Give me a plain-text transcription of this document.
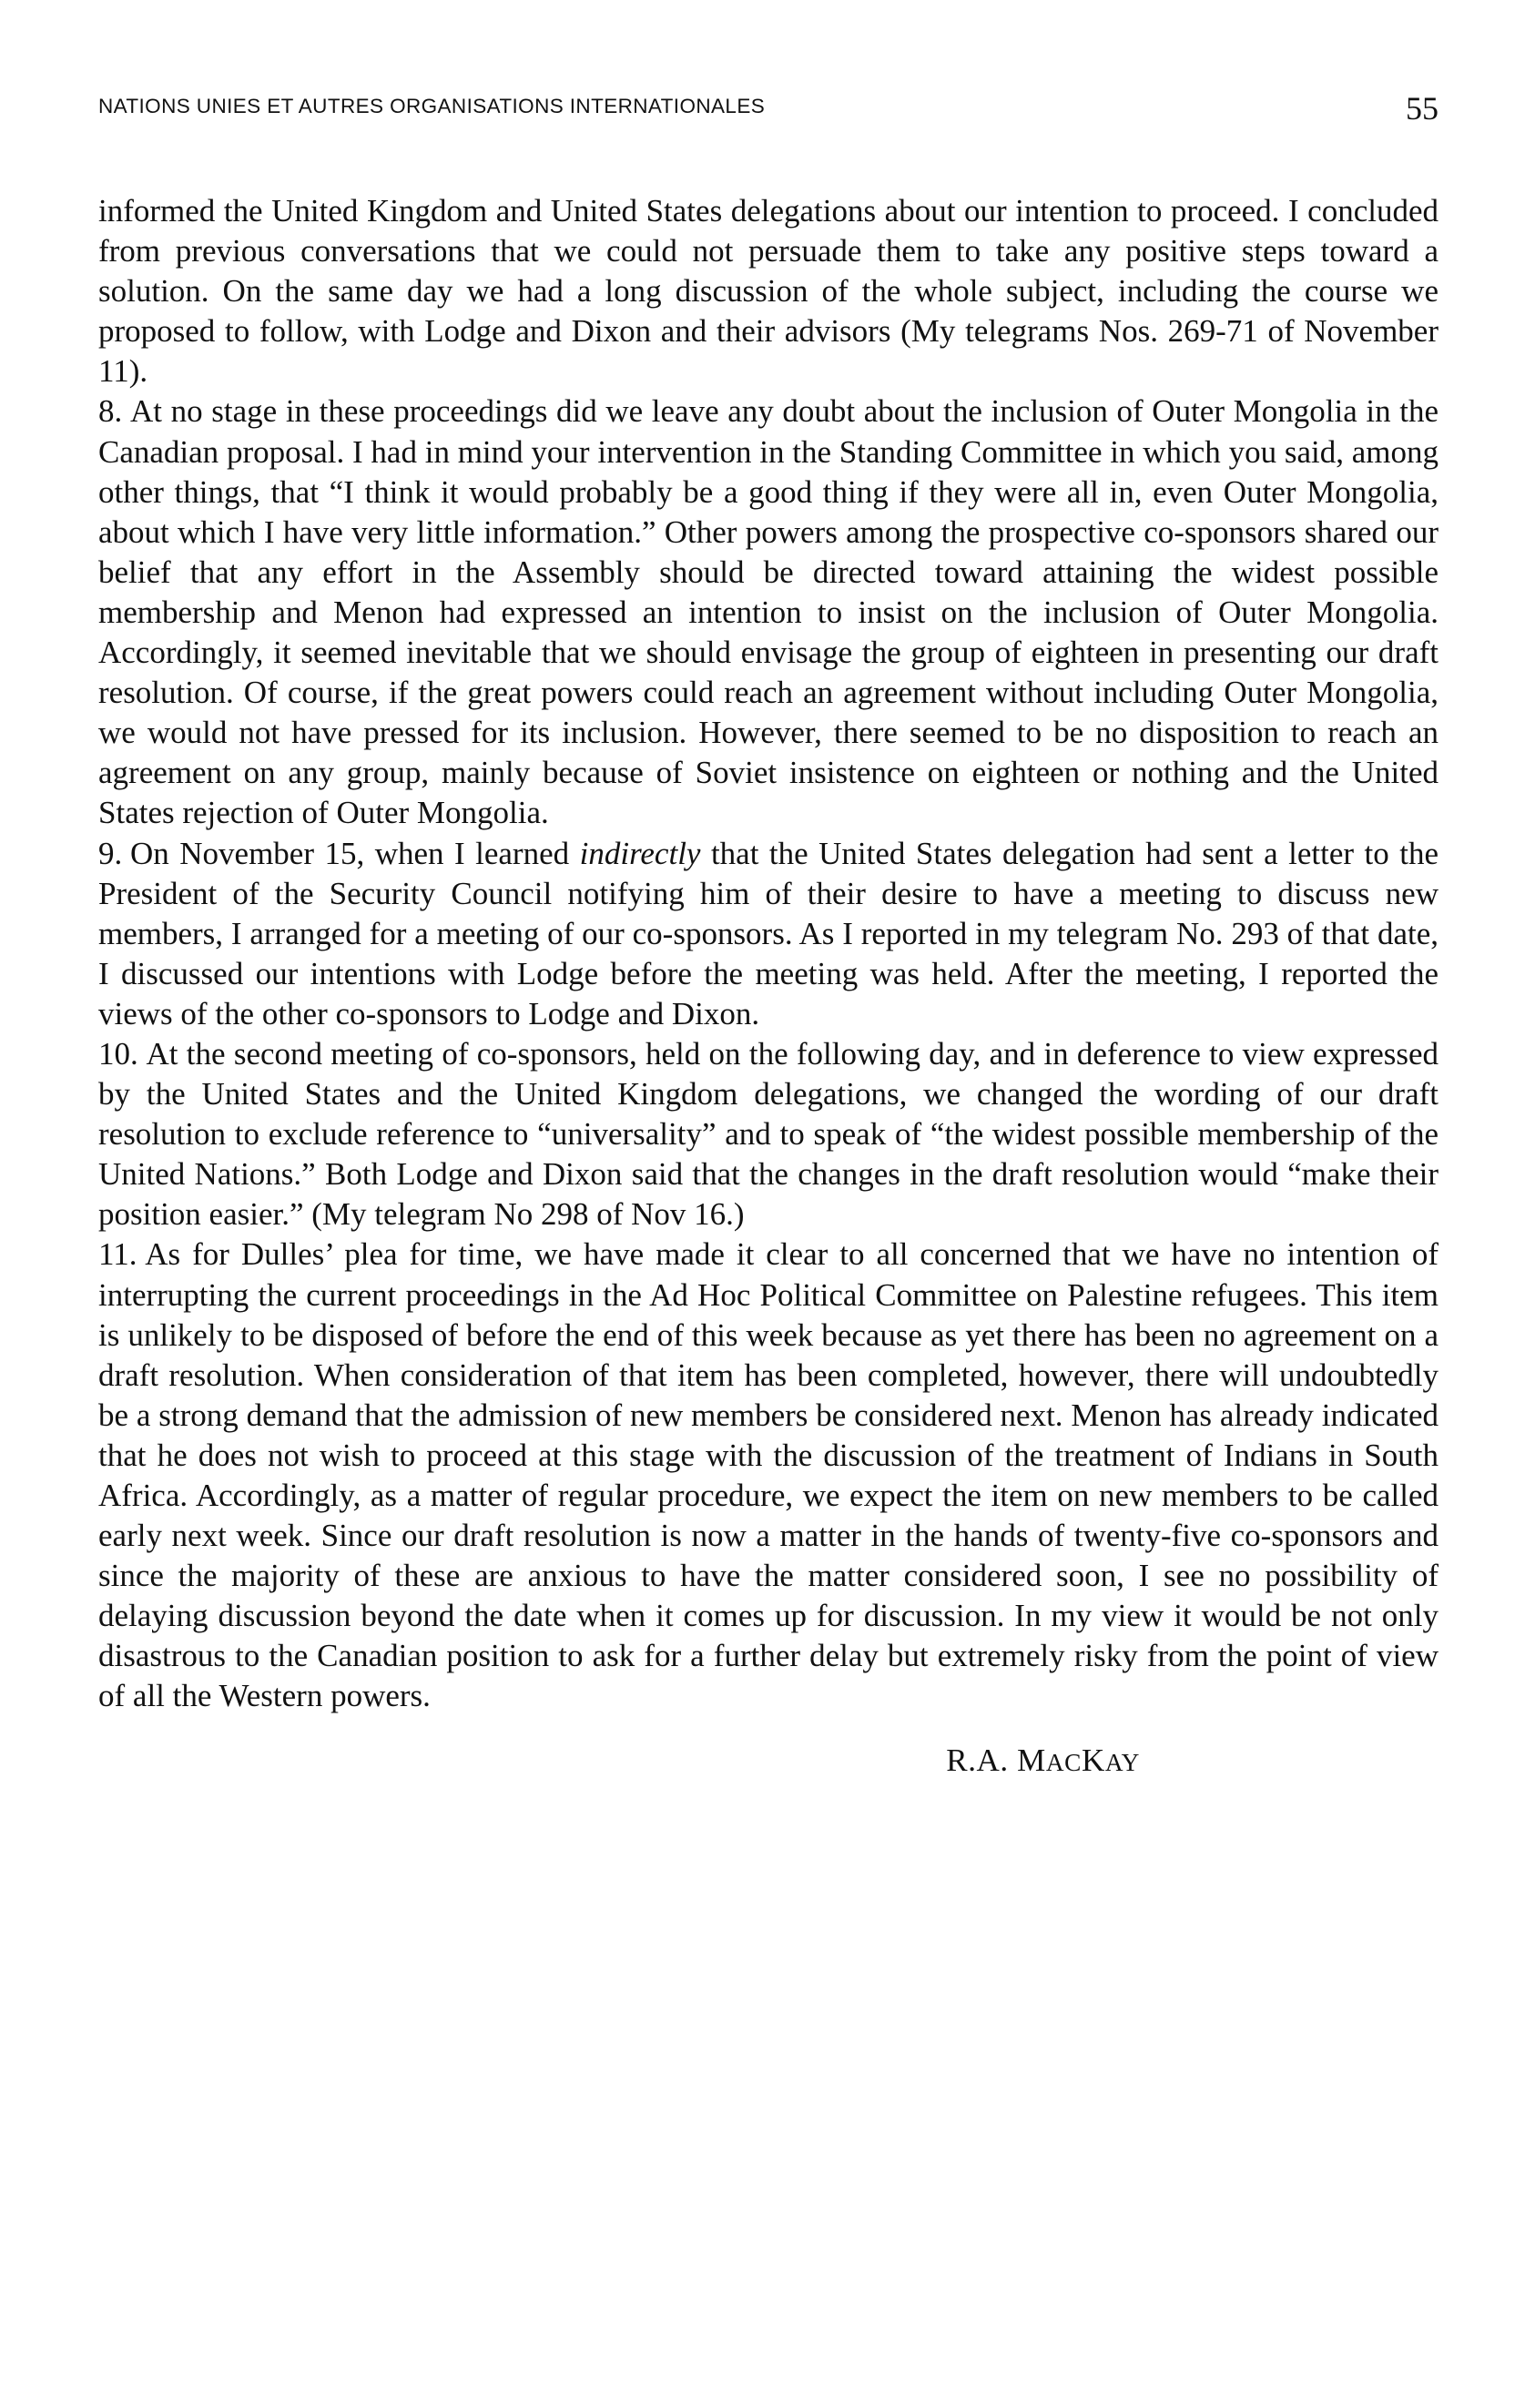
NATIONS UNIES ET AUTRES ORGANISATIONS INTERNATIONALES	55

informed the United Kingdom and United States delegations about our intention to proceed. I concluded from previous conversations that we could not persuade them to take any positive steps toward a solution. On the same day we had a long discussion of the whole subject, including the course we proposed to follow, with Lodge and Dixon and their advisors (My telegrams Nos. 269-71 of November 11).

8. At no stage in these proceedings did we leave any doubt about the inclusion of Outer Mongolia in the Canadian proposal. I had in mind your intervention in the Standing Committee in which you said, among other things, that “I think it would probably be a good thing if they were all in, even Outer Mongolia, about which I have very little information.” Other powers among the prospective co-sponsors shared our belief that any effort in the Assembly should be directed toward attaining the widest possible membership and Menon had expressed an intention to insist on the inclusion of Outer Mongolia. Accordingly, it seemed inevitable that we should envisage the group of eighteen in presenting our draft resolution. Of course, if the great powers could reach an agreement without including Outer Mongolia, we would not have pressed for its inclusion. However, there seemed to be no disposition to reach an agreement on any group, mainly because of Soviet insistence on eighteen or nothing and the United States rejection of Outer Mongolia.

9. On November 15, when I learned indirectly that the United States delegation had sent a letter to the President of the Security Council notifying him of their desire to have a meeting to discuss new members, I arranged for a meeting of our co-sponsors. As I reported in my telegram No. 293 of that date, I discussed our intentions with Lodge before the meeting was held. After the meeting, I reported the views of the other co-sponsors to Lodge and Dixon.

10. At the second meeting of co-sponsors, held on the following day, and in deference to view expressed by the United States and the United Kingdom delegations, we changed the wording of our draft resolution to exclude reference to “universality” and to speak of “the widest possible membership of the United Nations.” Both Lodge and Dixon said that the changes in the draft resolution would “make their position easier.” (My telegram No 298 of Nov 16.)

11. As for Dulles’ plea for time, we have made it clear to all concerned that we have no intention of interrupting the current proceedings in the Ad Hoc Political Committee on Palestine refugees. This item is unlikely to be disposed of before the end of this week because as yet there has been no agreement on a draft resolution. When consideration of that item has been completed, however, there will undoubtedly be a strong demand that the admission of new members be considered next. Menon has already indicated that he does not wish to proceed at this stage with the discussion of the treatment of Indians in South Africa. Accordingly, as a matter of regular procedure, we expect the item on new members to be called early next week. Since our draft resolution is now a matter in the hands of twenty-five co-sponsors and since the majority of these are anxious to have the matter considered soon, I see no possibility of delaying discussion beyond the date when it comes up for discussion. In my view it would be not only disastrous to the Canadian position to ask for a further delay but extremely risky from the point of view of all the Western powers.

R.A. MACKAY
